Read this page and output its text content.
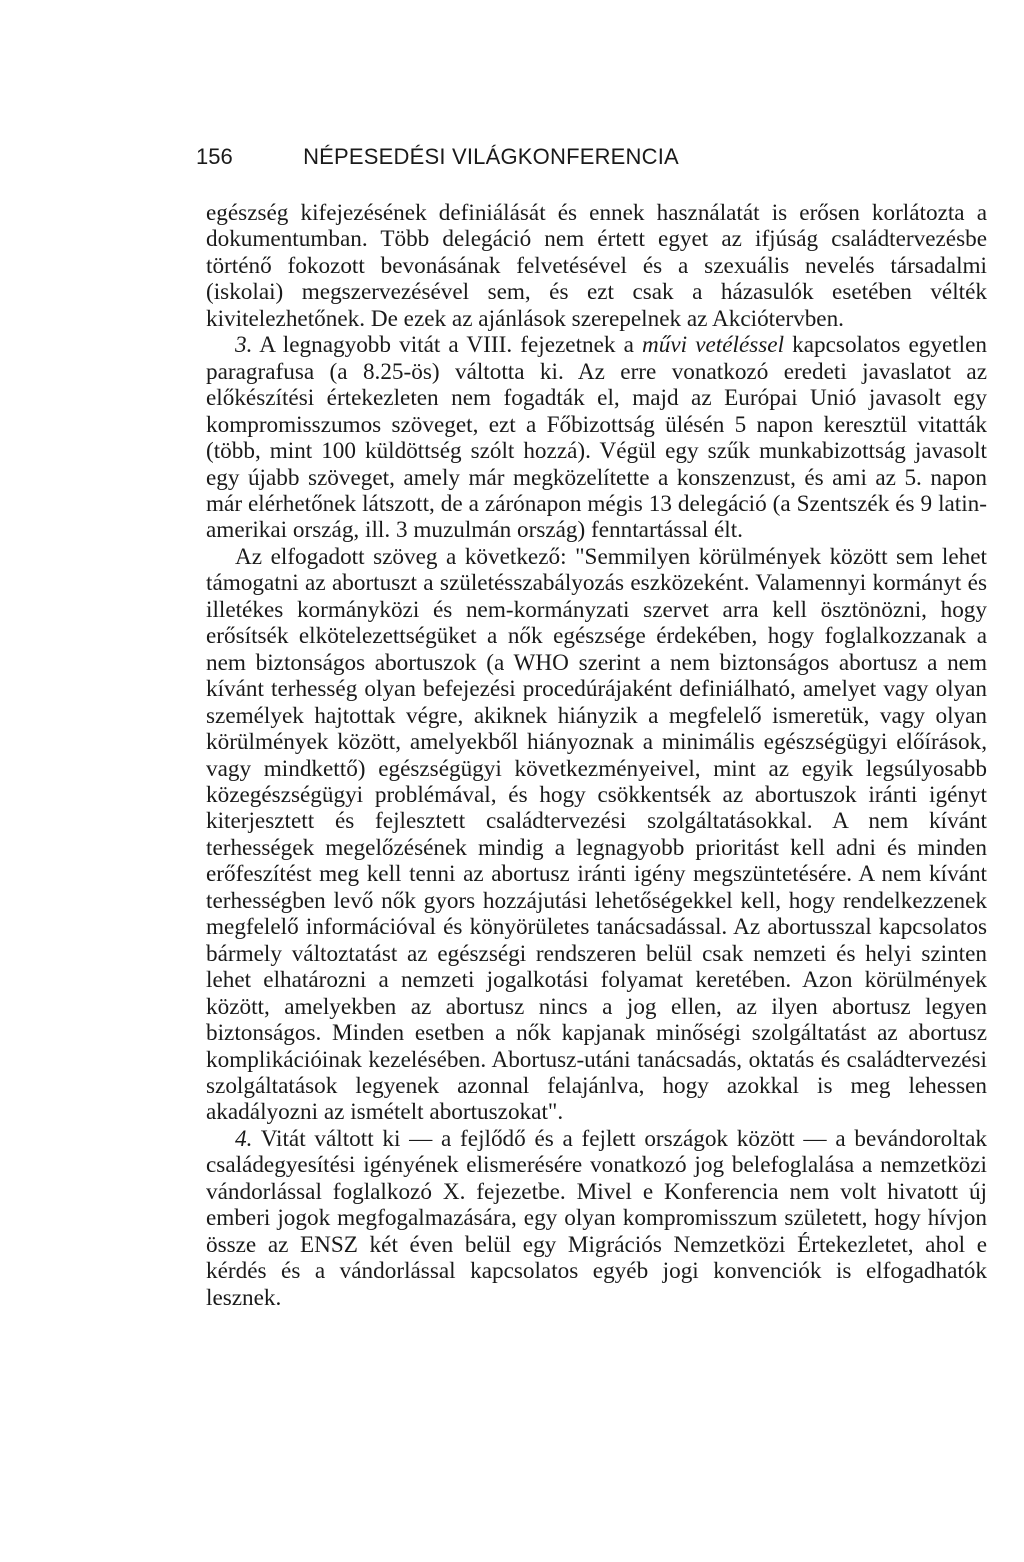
156	NÉPESEDÉSI VILÁGKONFERENCIA

egészség kifejezésének definiálását és ennek használatát is erősen korlátozta a dokumentumban. Több delegáció nem értett egyet az ifjúság családtervezésbe történő fokozott bevonásának felvetésével és a szexuális nevelés társadalmi (iskolai) megszervezésével sem, és ezt csak a házasulók esetében vélték kivitelezhetőnek. De ezek az ajánlások szerepelnek az Akciótervben.

3. A legnagyobb vitát a VIII. fejezetnek a művi vetéléssel kapcsolatos egyetlen paragrafusa (a 8.25-ös) váltotta ki. Az erre vonatkozó eredeti javaslatot az előkészítési értekezleten nem fogadták el, majd az Európai Unió javasolt egy kompromisszumos szöveget, ezt a Főbizottság ülésén 5 napon keresztül vitatták (több, mint 100 küldöttség szólt hozzá). Végül egy szűk munkabizottság javasolt egy újabb szöveget, amely már megközelítette a konszenzust, és ami az 5. napon már elérhetőnek látszott, de a zárónapon mégis 13 delegáció (a Szentszék és 9 latin-amerikai ország, ill. 3 muzulmán ország) fenntartással élt.

Az elfogadott szöveg a következő: "Semmilyen körülmények között sem lehet támogatni az abortuszt a születésszabályozás eszközeként. Valamennyi kormányt és illetékes kormányközi és nem-kormányzati szervet arra kell ösztönözni, hogy erősítsék elkötelezettségüket a nők egészsége érdekében, hogy foglalkozzanak a nem biztonságos abortuszok (a WHO szerint a nem biztonságos abortusz a nem kívánt terhesség olyan befejezési procedúrájaként definiálható, amelyet vagy olyan személyek hajtottak végre, akiknek hiányzik a megfelelő ismeretük, vagy olyan körülmények között, amelyekből hiányoznak a minimális egészségügyi előírások, vagy mindkettő) egészségügyi következményeivel, mint az egyik legsúlyosabb közegészségügyi problémával, és hogy csökkentsék az abortuszok iránti igényt kiterjesztett és fejlesztett családtervezési szolgáltatásokkal. A nem kívánt terhességek megelőzésének mindig a legnagyobb prioritást kell adni és minden erőfeszítést meg kell tenni az abortusz iránti igény megszüntetésére. A nem kívánt terhességben levő nők gyors hozzájutási lehetőségekkel kell, hogy rendelkezzenek megfelelő információval és könyörületes tanácsadással. Az abortusszal kapcsolatos bármely változtatást az egészségi rendszeren belül csak nemzeti és helyi szinten lehet elhatározni a nemzeti jogalkotási folyamat keretében. Azon körülmények között, amelyekben az abortusz nincs a jog ellen, az ilyen abortusz legyen biztonságos. Minden esetben a nők kapjanak minőségi szolgáltatást az abortusz komplikációinak kezelésében. Abortusz-utáni tanácsadás, oktatás és családtervezési szolgáltatások legyenek azonnal felajánlva, hogy azokkal is meg lehessen akadályozni az ismételt abortuszokat".

4. Vitát váltott ki — a fejlődő és a fejlett országok között — a bevándoroltak családegyesítési igényének elismerésére vonatkozó jog belefoglalása a nemzetközi vándorlással foglalkozó X. fejezetbe. Mivel e Konferencia nem volt hivatott új emberi jogok megfogalmazására, egy olyan kompromisszum született, hogy hívjon össze az ENSZ két éven belül egy Migrációs Nemzetközi Értekezletet, ahol e kérdés és a vándorlással kapcsolatos egyéb jogi konvenciók is elfogadhatók lesznek.
